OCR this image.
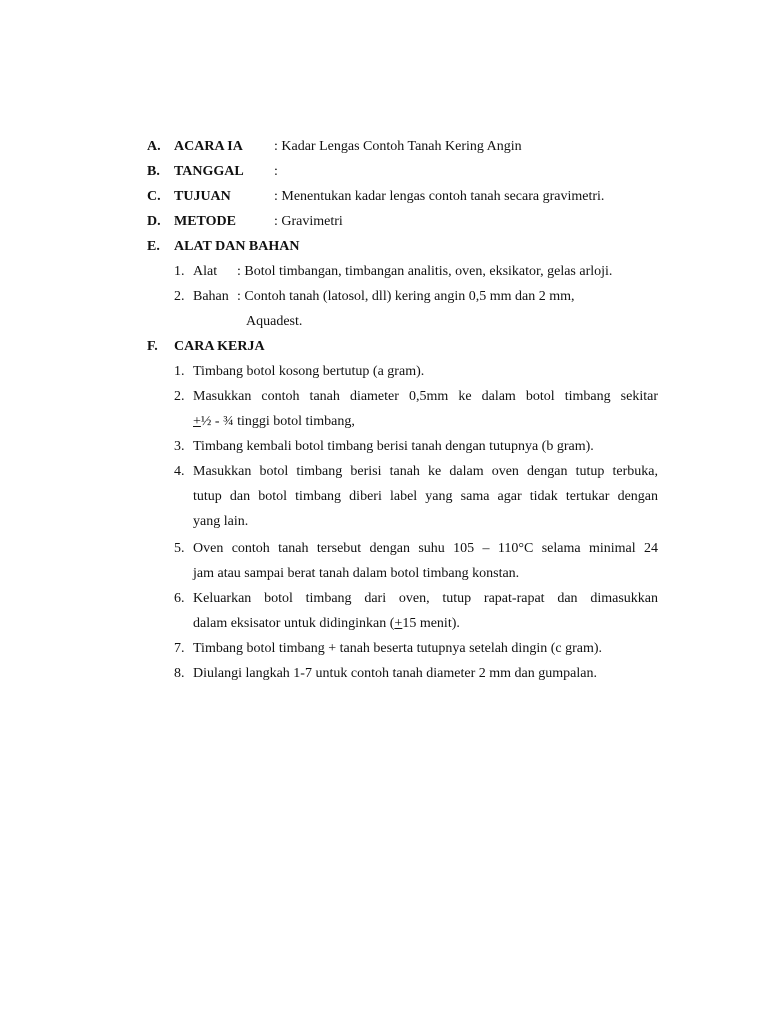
A. ACARA IA : Kadar Lengas Contoh Tanah Kering Angin
B. TANGGAL :
C. TUJUAN	: Menentukan kadar lengas contoh tanah secara gravimetri.
D. METODE	: Gravimetri
E. ALAT DAN BAHAN
1. Alat : Botol timbangan, timbangan analitis, oven, eksikator, gelas arloji.
2. Bahan : Contoh tanah (latosol, dll) kering angin 0,5 mm dan 2 mm,
Aquadest.
F. CARA KERJA
1. Timbang botol kosong bertutup (a gram).
2. Masukkan contoh tanah diameter 0,5mm ke dalam botol timbang sekitar
+½ - ¾ tinggi botol timbang,
3. Timbang kembali botol timbang berisi tanah dengan tutupnya (b gram).
4. Masukkan botol timbang berisi tanah ke dalam oven dengan tutup terbuka,
tutup dan botol timbang diberi label yang sama agar tidak tertukar dengan
yang lain.
5. Oven contoh tanah tersebut dengan suhu 105 – 110°C selama minimal 24
jam atau sampai berat tanah dalam botol timbang konstan.
6. Keluarkan botol timbang dari oven, tutup rapat-rapat dan dimasukkan
dalam eksisator untuk didinginkan (+15 menit).
7. Timbang botol timbang + tanah beserta tutupnya setelah dingin (c gram).
8. Diulangi langkah 1-7 untuk contoh tanah diameter 2 mm dan gumpalan.
